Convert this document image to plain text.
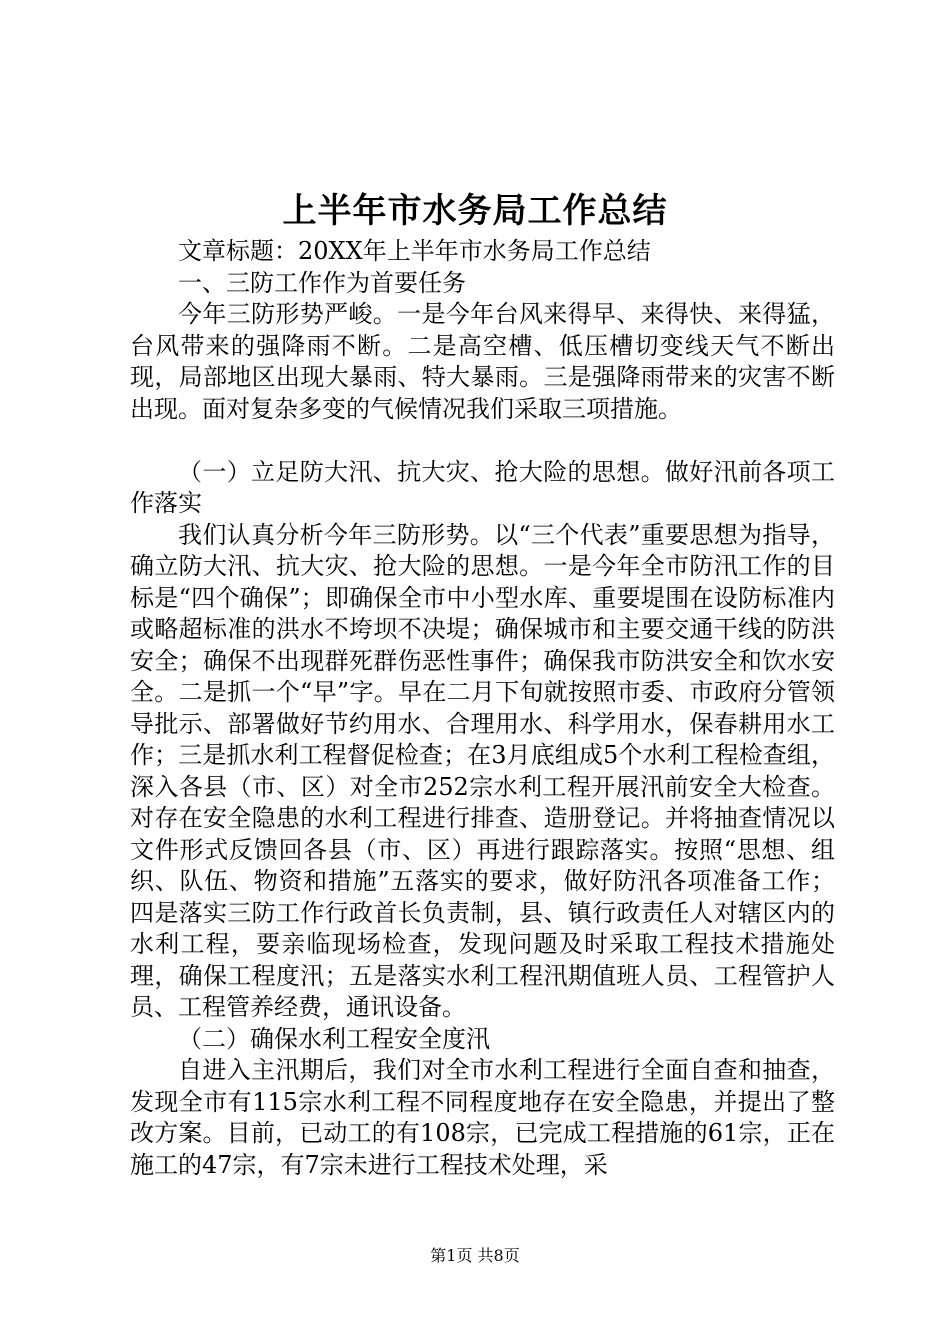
上半年市水务局工作总结

文章标题：20XX年上半年市水务局工作总结

一、三防工作作为首要任务

今年三防形势严峻。一是今年台风来得早、来得快、来得猛，台风带来的强降雨不断。二是高空槽、低压槽切变线天气不断出现，局部地区出现大暴雨、特大暴雨。三是强降雨带来的灾害不断出现。面对复杂多变的气候情况我们采取三项措施。

（一）立足防大汛、抗大灾、抢大险的思想。做好汛前各项工作落实

我们认真分析今年三防形势。以“三个代表”重要思想为指导，确立防大汛、抗大灾、抢大险的思想。一是今年全市防汛工作的目标是“四个确保”；即确保全市中小型水库、重要堤围在设防标准内或略超标准的洪水不垮坝不决堤；确保城市和主要交通干线的防洪安全；确保不出现群死群伤恶性事件；确保我市防洪安全和饮水安全。二是抓一个“早”字。早在二月下旬就按照市委、市政府分管领导批示、部署做好节约用水、合理用水、科学用水，保春耕用水工作；三是抓水利工程督促检查；在3月底组成5个水利工程检查组，深入各县（市、区）对全市252宗水利工程开展汛前安全大检查。对存在安全隐患的水利工程进行排查、造册登记。并将抽查情况以文件形式反馈回各县（市、区）再进行跟踪落实。按照“思想、组织、队伍、物资和措施”五落实的要求，做好防汛各项准备工作；四是落实三防工作行政首长负责制，县、镇行政责任人对辖区内的水利工程，要亲临现场检查，发现问题及时采取工程技术措施处理，确保工程度汛；五是落实水利工程汛期值班人员、工程管护人员、工程管养经费，通讯设备。

（二）确保水利工程安全度汛

自进入主汛期后，我们对全市水利工程进行全面自查和抽查，发现全市有115宗水利工程不同程度地存在安全隐患，并提出了整改方案。目前，已动工的有108宗，已完成工程措施的61宗，正在施工的47宗，有7宗未进行工程技术处理，采

第1页 共8页
